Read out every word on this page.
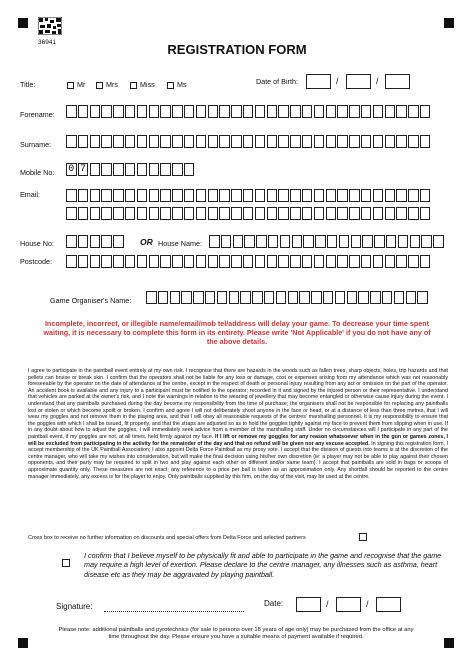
36941	REGISTRATION FORM
Title:	Mr	Mrs	Miss	Ms	Date of Birth:	/	/
Forename:
Surname:
Mobile No: 0 7
Email:
House No:	OR House Name:
Postcode:
Game Organiser's Name:
Incomplete, incorrect, or illegible name/email/mob tel/address will delay your game. To decrease your time spent waiting, it is necessary to complete this form in its entirety. Please write 'Not Applicable' if you do not have any of the above details.
I agree to participate in the paintball event entirely at my own risk. I recognise that there are hazards in the woods such as fallen trees, sharp objects, holes, trip hazards and that pellets can bruise or break skin. I confirm that the operators shall not be liable for any loss or damage, cost or expenses arising from my attendance which was not reasonably foreseeable by the operator on the date of attendance at the centre, except in the respect of death or personal injury resulting from any act or omission on the part of the operator. An accident book is available and any injury to a participant must be notified to the operator; recorded in it and signed by the injured person or their representative. I understand that vehicles are parked at the owner's risk, and I note the warnings in relation to the wearing of jewellery that may become entangled or otherwise cause injury during the event. I understand that any paintballs purchased during the day become my responsibility from the time of purchase; the organisers shall not be responsible for replacing any paintballs lost or stolen or which become spoilt or broken. I confirm and agree I will not deliberately shoot anyone in the face or head, or at a distance of less than three metres, that I will wear my goggles and not remove them in the playing area, and that I will obey all reasonable requests of the centres' marshalling personnel. It is my responsibility to ensure that the goggles with which I shall be issued, fit properly, and that the straps are adjusted so as to hold the goggles tightly against my face to prevent them from slipping when in use. If in any doubt about how to adjust the goggles, I will immediately seek advice from a member of the marshalling staff. Under no circumstances will I participate in any part of the paintball event, if my goggles are not, at all times, held firmly against my face. If I lift or remove my goggles for any reason whatsoever when in the gun or games zones, I will be excluded from participating in the activity for the remainder of the day and that no refund will be given nor any excuse accepted. In signing this registration form, I accept membership of the UK Paintball Association; I also appoint Delta Force Paintball as my proxy vote. I accept that the division of guests into teams is at the discretion of the centre manager, who will take my wishes into consideration, but will make the final decision using his/her own discretion (ie: a player may not be able to play against their chosen opponents, and their party may be required to split in two and play against each other on different and/or same team). I accept that paintballs are sold in bags or scoops of approximate quantity only. These measures are not exact; any reference to a price per ball is taken as an approximation only. Any shortfall should be reported to the centre manager immediately, any excess is for the player to enjoy. Only paintballs supplied by this firm, on the day of the visit, may be used at the centre.
Cross box to receive no further information on discounts and special offers from Delta Force and selected partners
I confirm that I believe myself to be physically fit and able to participate in the game and recognise that the game may require a high level of exertion. Please declare to the centre manager, any illnesses such as asthma, heart disease etc as they may be aggravated by playing paintball.
Signature:	Date:	/	/
Please note: additional paintballs and pyrotechnics (for sale to persons over 18 years of age only) may be purchased from the office at any time throughout the day. Please ensure you have a suitable means of payment available if required.
